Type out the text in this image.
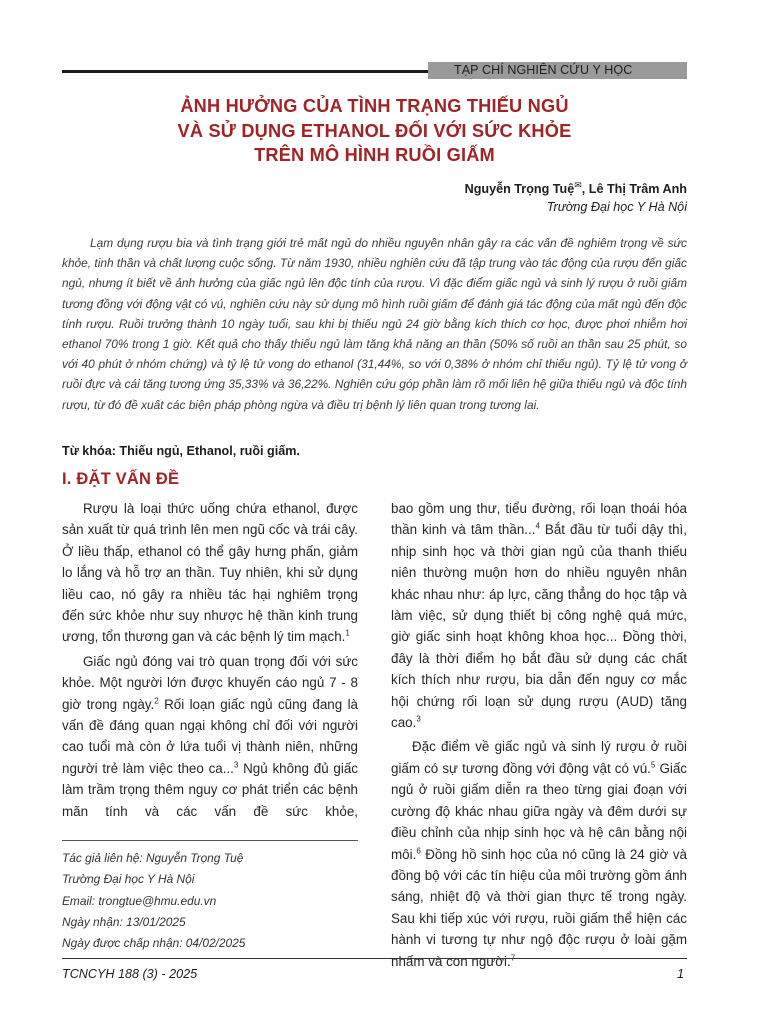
TẠP CHÍ NGHIÊN CỨU Y HỌC
ẢNH HƯỞNG CỦA TÌNH TRẠNG THIẾU NGỦ
VÀ SỬ DỤNG ETHANOL ĐỐI VỚI SỨC KHỎE
TRÊN MÔ HÌNH RUỒI GIẤM
Nguyễn Trọng Tuệ✉, Lê Thị Trâm Anh
Trường Đại học Y Hà Nội

Lạm dụng rượu bia và tình trạng giới trẻ mất ngủ do nhiều nguyên nhân gây ra các vấn đề nghiêm trọng về sức khỏe, tinh thần và chất lượng cuộc sống. Từ năm 1930, nhiều nghiên cứu đã tập trung vào tác động của rượu đến giấc ngủ, nhưng ít biết về ảnh hưởng của giấc ngủ lên độc tính của rượu. Vì đặc điểm giấc ngủ và sinh lý rượu ở ruồi giấm tương đồng với động vật có vú, nghiên cứu này sử dụng mô hình ruồi giấm để đánh giá tác động của mất ngủ đến độc tính rượu. Ruồi trưởng thành 10 ngày tuổi, sau khi bị thiếu ngủ 24 giờ bằng kích thích cơ học, được phơi nhiễm hơi ethanol 70% trong 1 giờ. Kết quả cho thấy thiếu ngủ làm tăng khả năng an thần (50% số ruồi an thần sau 25 phút, so với 40 phút ở nhóm chứng) và tỷ lệ tử vong do ethanol (31,44%, so với 0,38% ở nhóm chỉ thiếu ngủ). Tỷ lệ tử vong ở ruồi đực và cái tăng tương ứng 35,33% và 36,22%. Nghiên cứu góp phần làm rõ mối liên hệ giữa thiếu ngủ và độc tính rượu, từ đó đề xuất các biện pháp phòng ngừa và điều trị bệnh lý liên quan trong tương lai.

Từ khóa: Thiếu ngủ, Ethanol, ruồi giấm.
I. ĐẶT VẤN ĐỀ

Rượu là loại thức uống chứa ethanol, được sản xuất từ quá trình lên men ngũ cốc và trái cây. Ở liều thấp, ethanol có thể gây hưng phấn, giảm lo lắng và hỗ trợ an thần. Tuy nhiên, khi sử dụng liều cao, nó gây ra nhiều tác hại nghiêm trọng đến sức khỏe như suy nhược hệ thần kinh trung ương, tổn thương gan và các bệnh lý tim mạch.$^1$

Giấc ngủ đóng vai trò quan trọng đối với sức khỏe. Một người lớn được khuyến cáo ngủ 7 - 8 giờ trong ngày.$^2$ Rối loạn giấc ngủ cũng đang là vấn đề đáng quan ngại không chỉ đối với người cao tuổi mà còn ở lứa tuổi vị thành niên, những người trẻ làm việc theo ca...$^3$ Ngủ không đủ giấc làm trầm trọng thêm nguy cơ phát triển các bệnh mãn tính và các vấn đề sức khỏe,

bao gồm ung thư, tiểu đường, rối loạn thoái hóa thần kinh và tâm thần...$^4$ Bắt đầu từ tuổi dậy thì, nhịp sinh học và thời gian ngủ của thanh thiếu niên thường muộn hơn do nhiều nguyên nhân khác nhau như: áp lực, căng thẳng do học tập và làm việc, sử dụng thiết bị công nghệ quá mức, giờ giấc sinh hoạt không khoa học... Đồng thời, đây là thời điểm họ bắt đầu sử dụng các chất kích thích như rượu, bia dẫn đến nguy cơ mắc hội chứng rối loạn sử dụng rượu (AUD) tăng cao.$^3$

Đặc điểm về giấc ngủ và sinh lý rượu ở ruồi giấm có sự tương đồng với động vật có vú.$^5$ Giấc ngủ ở ruồi giấm diễn ra theo từng giai đoạn với cường độ khác nhau giữa ngày và đêm dưới sự điều chỉnh của nhịp sinh học và hệ cân bằng nội môi.$^6$ Đồng hồ sinh học của nó cũng là 24 giờ và đồng bộ với các tín hiệu của môi trường gồm ánh sáng, nhiệt độ và thời gian thực tế trong ngày. Sau khi tiếp xúc với rượu, ruồi giấm thể hiện các hành vi tương tự như ngộ độc rượu ở loài gặm nhấm và con người.$^7$

Tác giả liên hệ: Nguyễn Trọng Tuệ
Trường Đại học Y Hà Nội
Email: trongtue@hmu.edu.vn
Ngày nhận: 13/01/2025
Ngày được chấp nhận: 04/02/2025
TCNCYH 188 (3) - 2025	1
